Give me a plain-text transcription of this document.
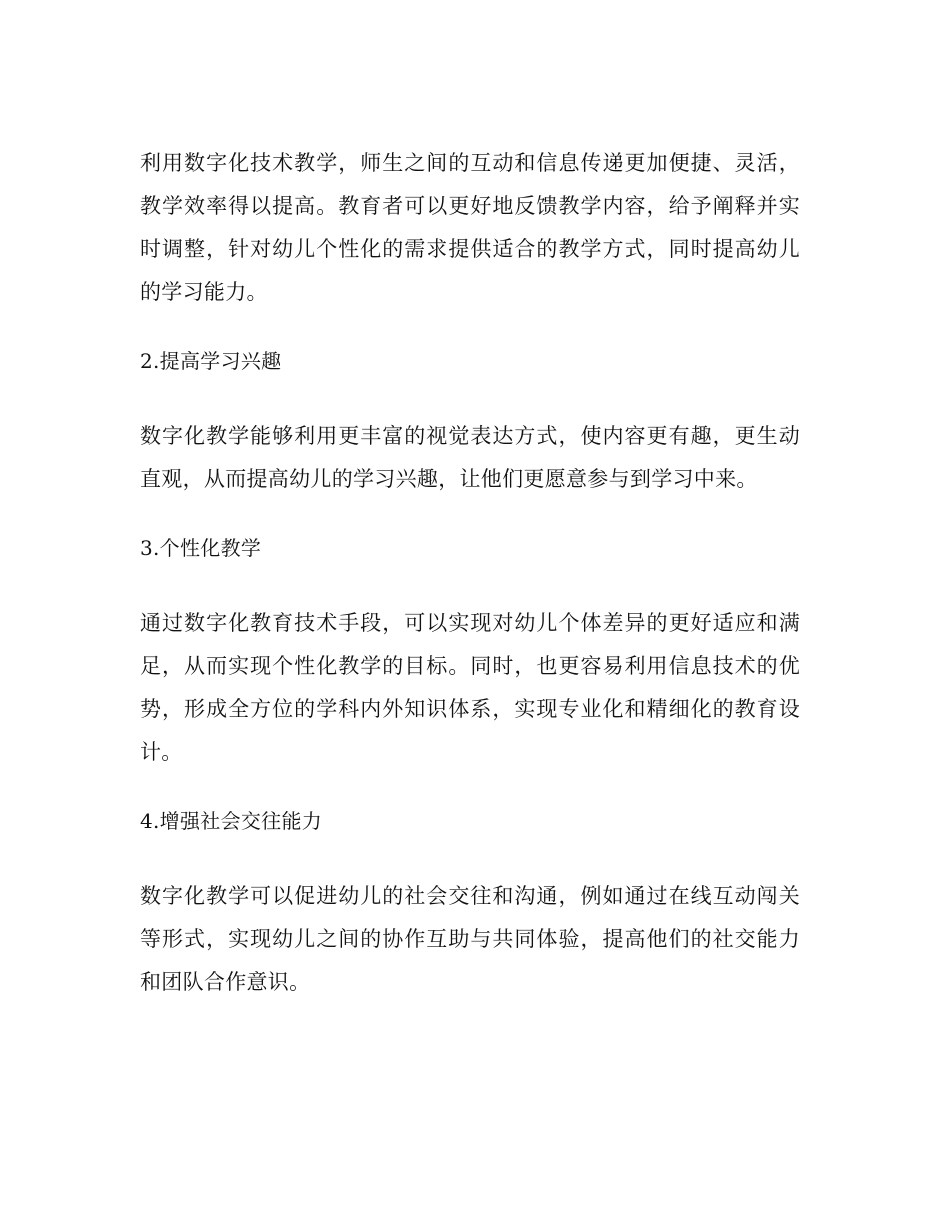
利用数字化技术教学，师生之间的互动和信息传递更加便捷、灵活，教学效率得以提高。教育者可以更好地反馈教学内容，给予阐释并实时调整，针对幼儿个性化的需求提供适合的教学方式，同时提高幼儿的学习能力。

2.提高学习兴趣

数字化教学能够利用更丰富的视觉表达方式，使内容更有趣，更生动直观，从而提高幼儿的学习兴趣，让他们更愿意参与到学习中来。

3.个性化教学

通过数字化教育技术手段，可以实现对幼儿个体差异的更好适应和满足，从而实现个性化教学的目标。同时，也更容易利用信息技术的优势，形成全方位的学科内外知识体系，实现专业化和精细化的教育设计。

4.增强社会交往能力

数字化教学可以促进幼儿的社会交往和沟通，例如通过在线互动闯关等形式，实现幼儿之间的协作互助与共同体验，提高他们的社交能力和团队合作意识。
